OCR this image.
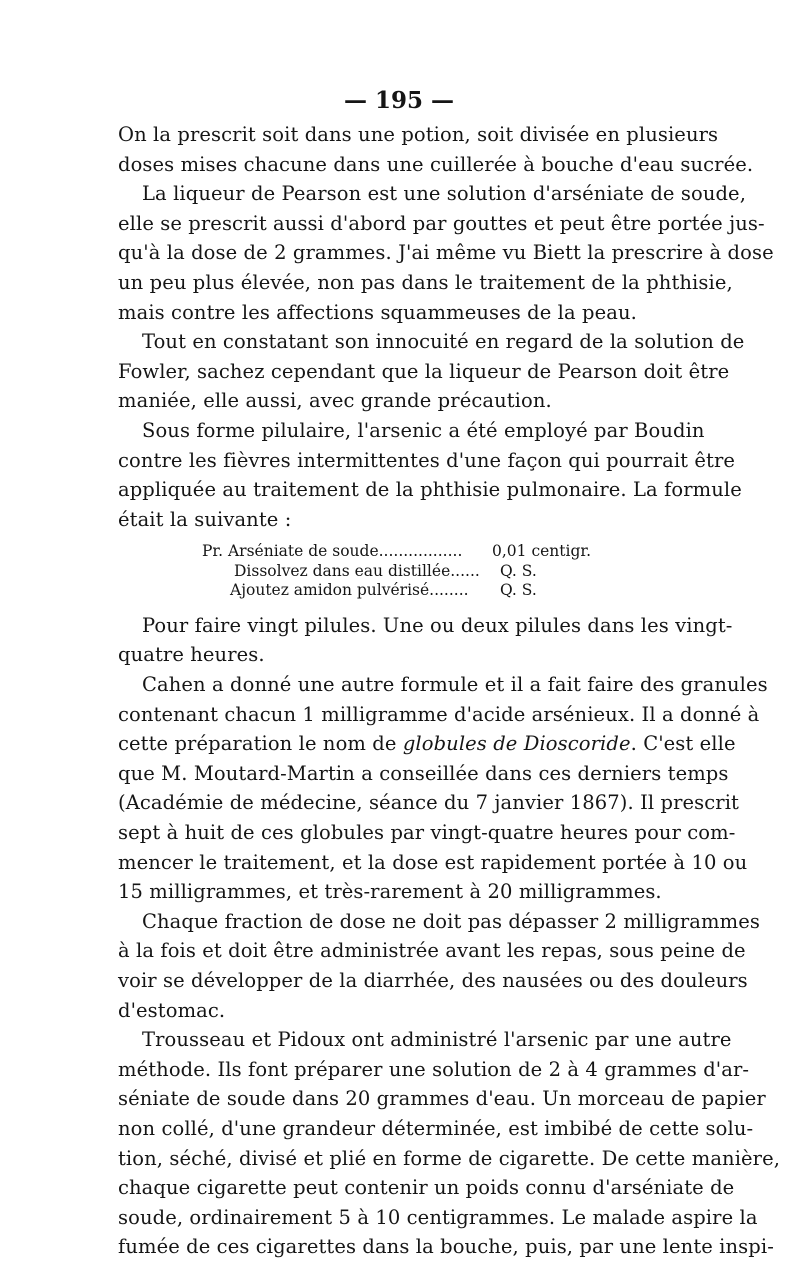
— 195 —
On la prescrit soit dans une potion, soit divisée en plusieurs
doses mises chacune dans une cuillerée à bouche d'eau sucrée.
La liqueur de Pearson est une solution d'arséniate de soude,
elle se prescrit aussi d'abord par gouttes et peut être portée jus-
qu'à la dose de 2 grammes. J'ai même vu Biett la prescrire à dose
un peu plus élevée, non pas dans le traitement de la phthisie,
mais contre les affections squammeuses de la peau.
Tout en constatant son innocuité en regard de la solution de
Fowler, sachez cependant que la liqueur de Pearson doit être
maniée, elle aussi, avec grande précaution.
Sous forme pilulaire, l'arsenic a été employé par Boudin
contre les fièvres intermittentes d'une façon qui pourrait être
appliquée au traitement de la phthisie pulmonaire. La formule
était la suivante :
Pr. Arséniate de soude................. 0,01 centigr.
Dissolvez dans eau distillée...... Q. S.
Ajoutez amidon pulvérisé........ Q. S.
Pour faire vingt pilules. Une ou deux pilules dans les vingt-
quatre heures.
Cahen a donné une autre formule et il a fait faire des granules
contenant chacun 1 milligramme d'acide arsénieux. Il a donné à
cette préparation le nom de globules de Dioscoride. C'est elle
que M. Moutard-Martin a conseillée dans ces derniers temps
(Académie de médecine, séance du 7 janvier 1867). Il prescrit
sept à huit de ces globules par vingt-quatre heures pour com-
mencer le traitement, et la dose est rapidement portée à 10 ou
15 milligrammes, et très-rarement à 20 milligrammes.
Chaque fraction de dose ne doit pas dépasser 2 milligrammes
à la fois et doit être administrée avant les repas, sous peine de
voir se développer de la diarrhée, des nausées ou des douleurs
d'estomac.
Trousseau et Pidoux ont administré l'arsenic par une autre
méthode. Ils font préparer une solution de 2 à 4 grammes d'ar-
séniate de soude dans 20 grammes d'eau. Un morceau de papier
non collé, d'une grandeur déterminée, est imbibé de cette solu-
tion, séché, divisé et plié en forme de cigarette. De cette manière,
chaque cigarette peut contenir un poids connu d'arséniate de
soude, ordinairement 5 à 10 centigrammes. Le malade aspire la
fumée de ces cigarettes dans la bouche, puis, par une lente inspi-
